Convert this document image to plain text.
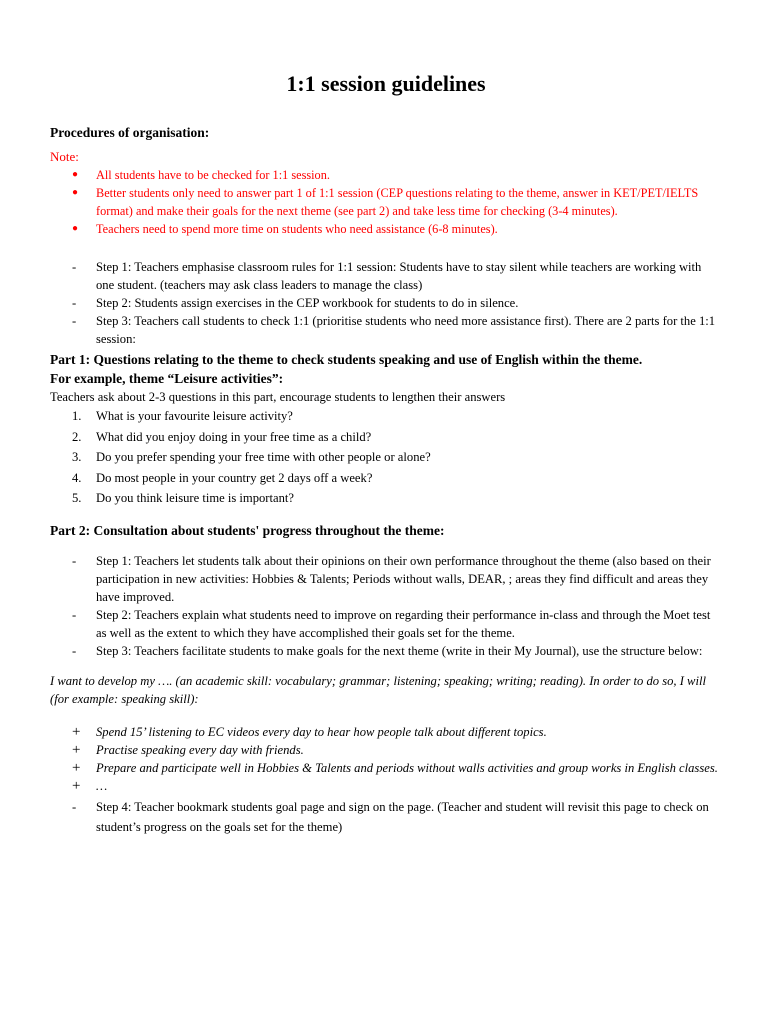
1:1 session guidelines

Procedures of organisation:

Note:

● All students have to be checked for 1:1 session.
● Better students only need to answer part 1 of 1:1 session (CEP questions relating to the theme, answer in KET/PET/IELTS format) and make their goals for the next theme (see part 2) and take less time for checking (3-4 minutes).
● Teachers need to spend more time on students who need assistance (6-8 minutes).
- Step 1: Teachers emphasise classroom rules for 1:1 session: Students have to stay silent while teachers are working with one student. (teachers may ask class leaders to manage the class)
- Step 2: Students assign exercises in the CEP workbook for students to do in silence.
- Step 3: Teachers call students to check 1:1 (prioritise students who need more assistance first). There are 2 parts for the 1:1 session:

Part 1: Questions relating to the theme to check students speaking and use of English within the theme.

For example, theme “Leisure activities”:

Teachers ask about 2-3 questions in this part, encourage students to lengthen their answers

1. What is your favourite leisure activity?
2. What did you enjoy doing in your free time as a child?
3. Do you prefer spending your free time with other people or alone?
4. Do most people in your country get 2 days off a week?
5. Do you think leisure time is important?

Part 2: Consultation about students' progress throughout the theme:

- Step 1: Teachers let students talk about their opinions on their own performance throughout the theme (also based on their participation in new activities: Hobbies & Talents; Periods without walls, DEAR, ; areas they find difficult and areas they have improved.
- Step 2: Teachers explain what students need to improve on regarding their performance in-class and through the Moet test as well as the extent to which they have accomplished their goals set for the theme.
- Step 3: Teachers facilitate students to make goals for the next theme (write in their My Journal), use the structure below:

I want to develop my …. (an academic skill: vocabulary; grammar; listening; speaking; writing; reading). In order to do so, I will (for example: speaking skill):

+ Spend 15’ listening to EC videos every day to hear how people talk about different topics.
+ Practise speaking every day with friends.
+ Prepare and participate well in Hobbies & Talents and periods without walls activities and group works in English classes.
+ …
- Step 4: Teacher bookmark students goal page and sign on the page. (Teacher and student will revisit this page to check on student’s progress on the goals set for the theme)
